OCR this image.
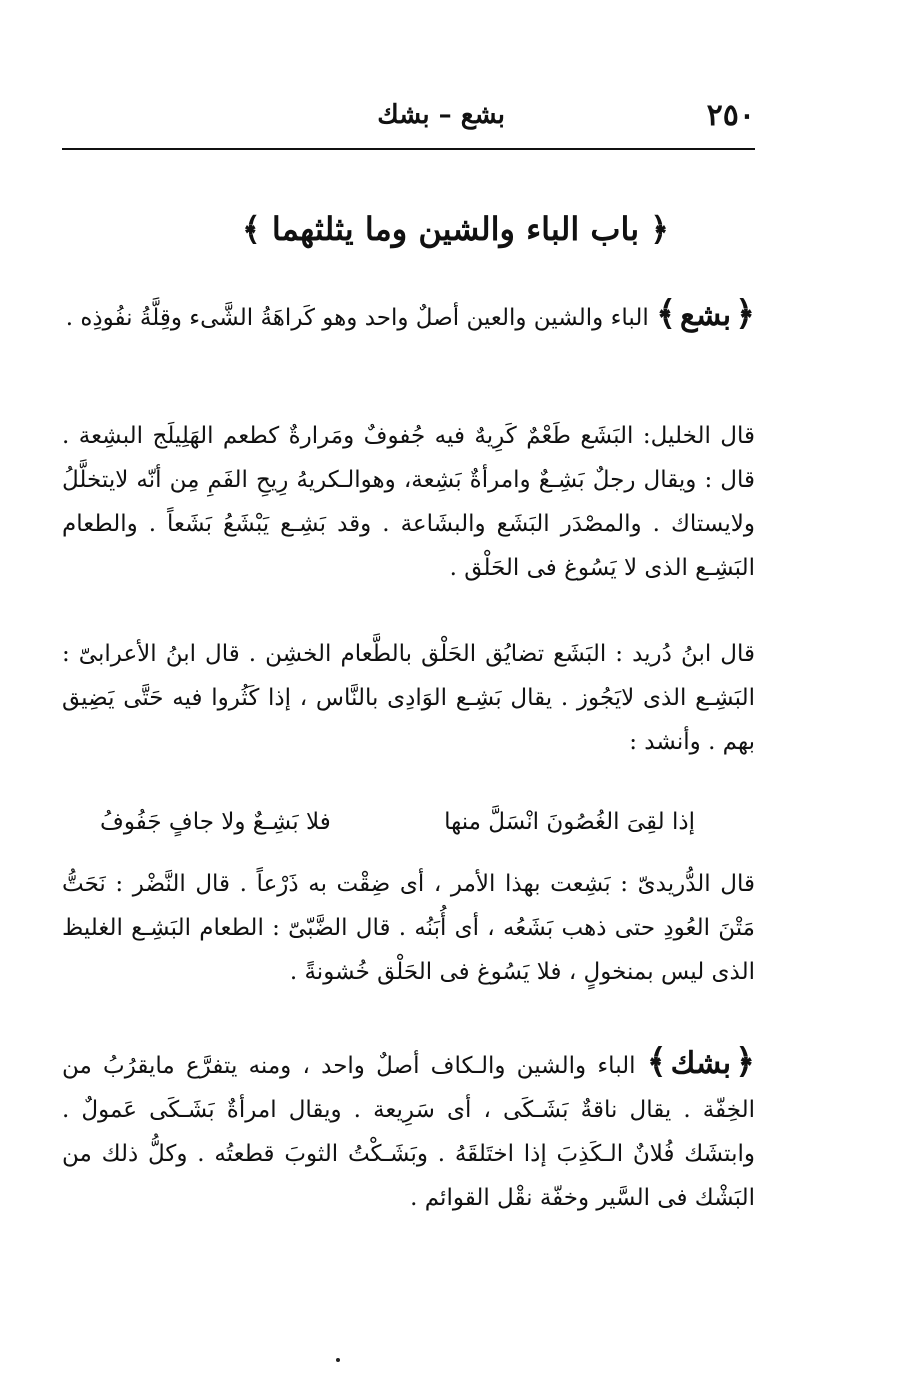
٢٥٠
بشع – بشك
﴿ باب الباء والشين وما يثلثهما ﴾
﴿بشع﴾ الباء والشين والعين أصلٌ واحد وهو كَراهَةُ الشَّىء وقِلَّةُ نفُوذِه .
قال الخليل: البَشَع طَعْمٌ كَرِيهٌ فيه جُفوفٌ ومَرارةٌ كطعم الهَلِيلَج البشِعة . قال : ويقال رجلٌ بَشِـعٌ وامرأةٌ بَشِعة، وهوالـكريهُ رِيحِ الفَمِ مِن أنّه لايتخلَّلُ ولايستاك . والمصْدَر البَشَع والبشَاعة . وقد بَشِـع يَبْشَعُ بَشَعاً . والطعام البَشِـع الذى لا يَسُوغ فى الحَلْق .
قال ابنُ دُريد : البَشَع تضايُق الحَلْق بالطَّعام الخشِن . قال ابنُ الأعرابىّ : البَشِـع الذى لايَجُوز . يقال بَشِـع الوَادِى بالنَّاس ، إذا كَثُروا فيه حَتَّى يَضِيق بهم . وأنشد :
إذا لقِىَ الغُصُونَ انْسَلَّ منها
فلا بَشِـعٌ ولا جافٍ جَفُوفُ
قال الدُّريدىّ : بَشِعت بهذا الأمر ، أى ضِقْت به ذَرْعاً . قال النَّضْر : نَحَتُّ مَتْنَ العُودِ حتى ذهب بَشَعُه ، أى أُبَنُه . قال الضَّبّىّ : الطعام البَشِـع الغليظ الذى ليس بمنخولٍ ، فلا يَسُوغ فى الحَلْق خُشونةً .
﴿بشك﴾ الباء والشين والـكاف أصلٌ واحد ، ومنه يتفرَّع مايقرُبُ من الخِفّة . يقال ناقةٌ بَشَـكَى ، أى سَرِيعة . ويقال امرأةٌ بَشَـكَى عَمولٌ . وابتشَك فُلانٌ الـكَذِبَ إذا اختَلقَهُ . وبَشَـكْتُ الثوبَ قطعتُه . وكلُّ ذلك من البَشْك فى السَّير وخفّة نقْل القوائم .
